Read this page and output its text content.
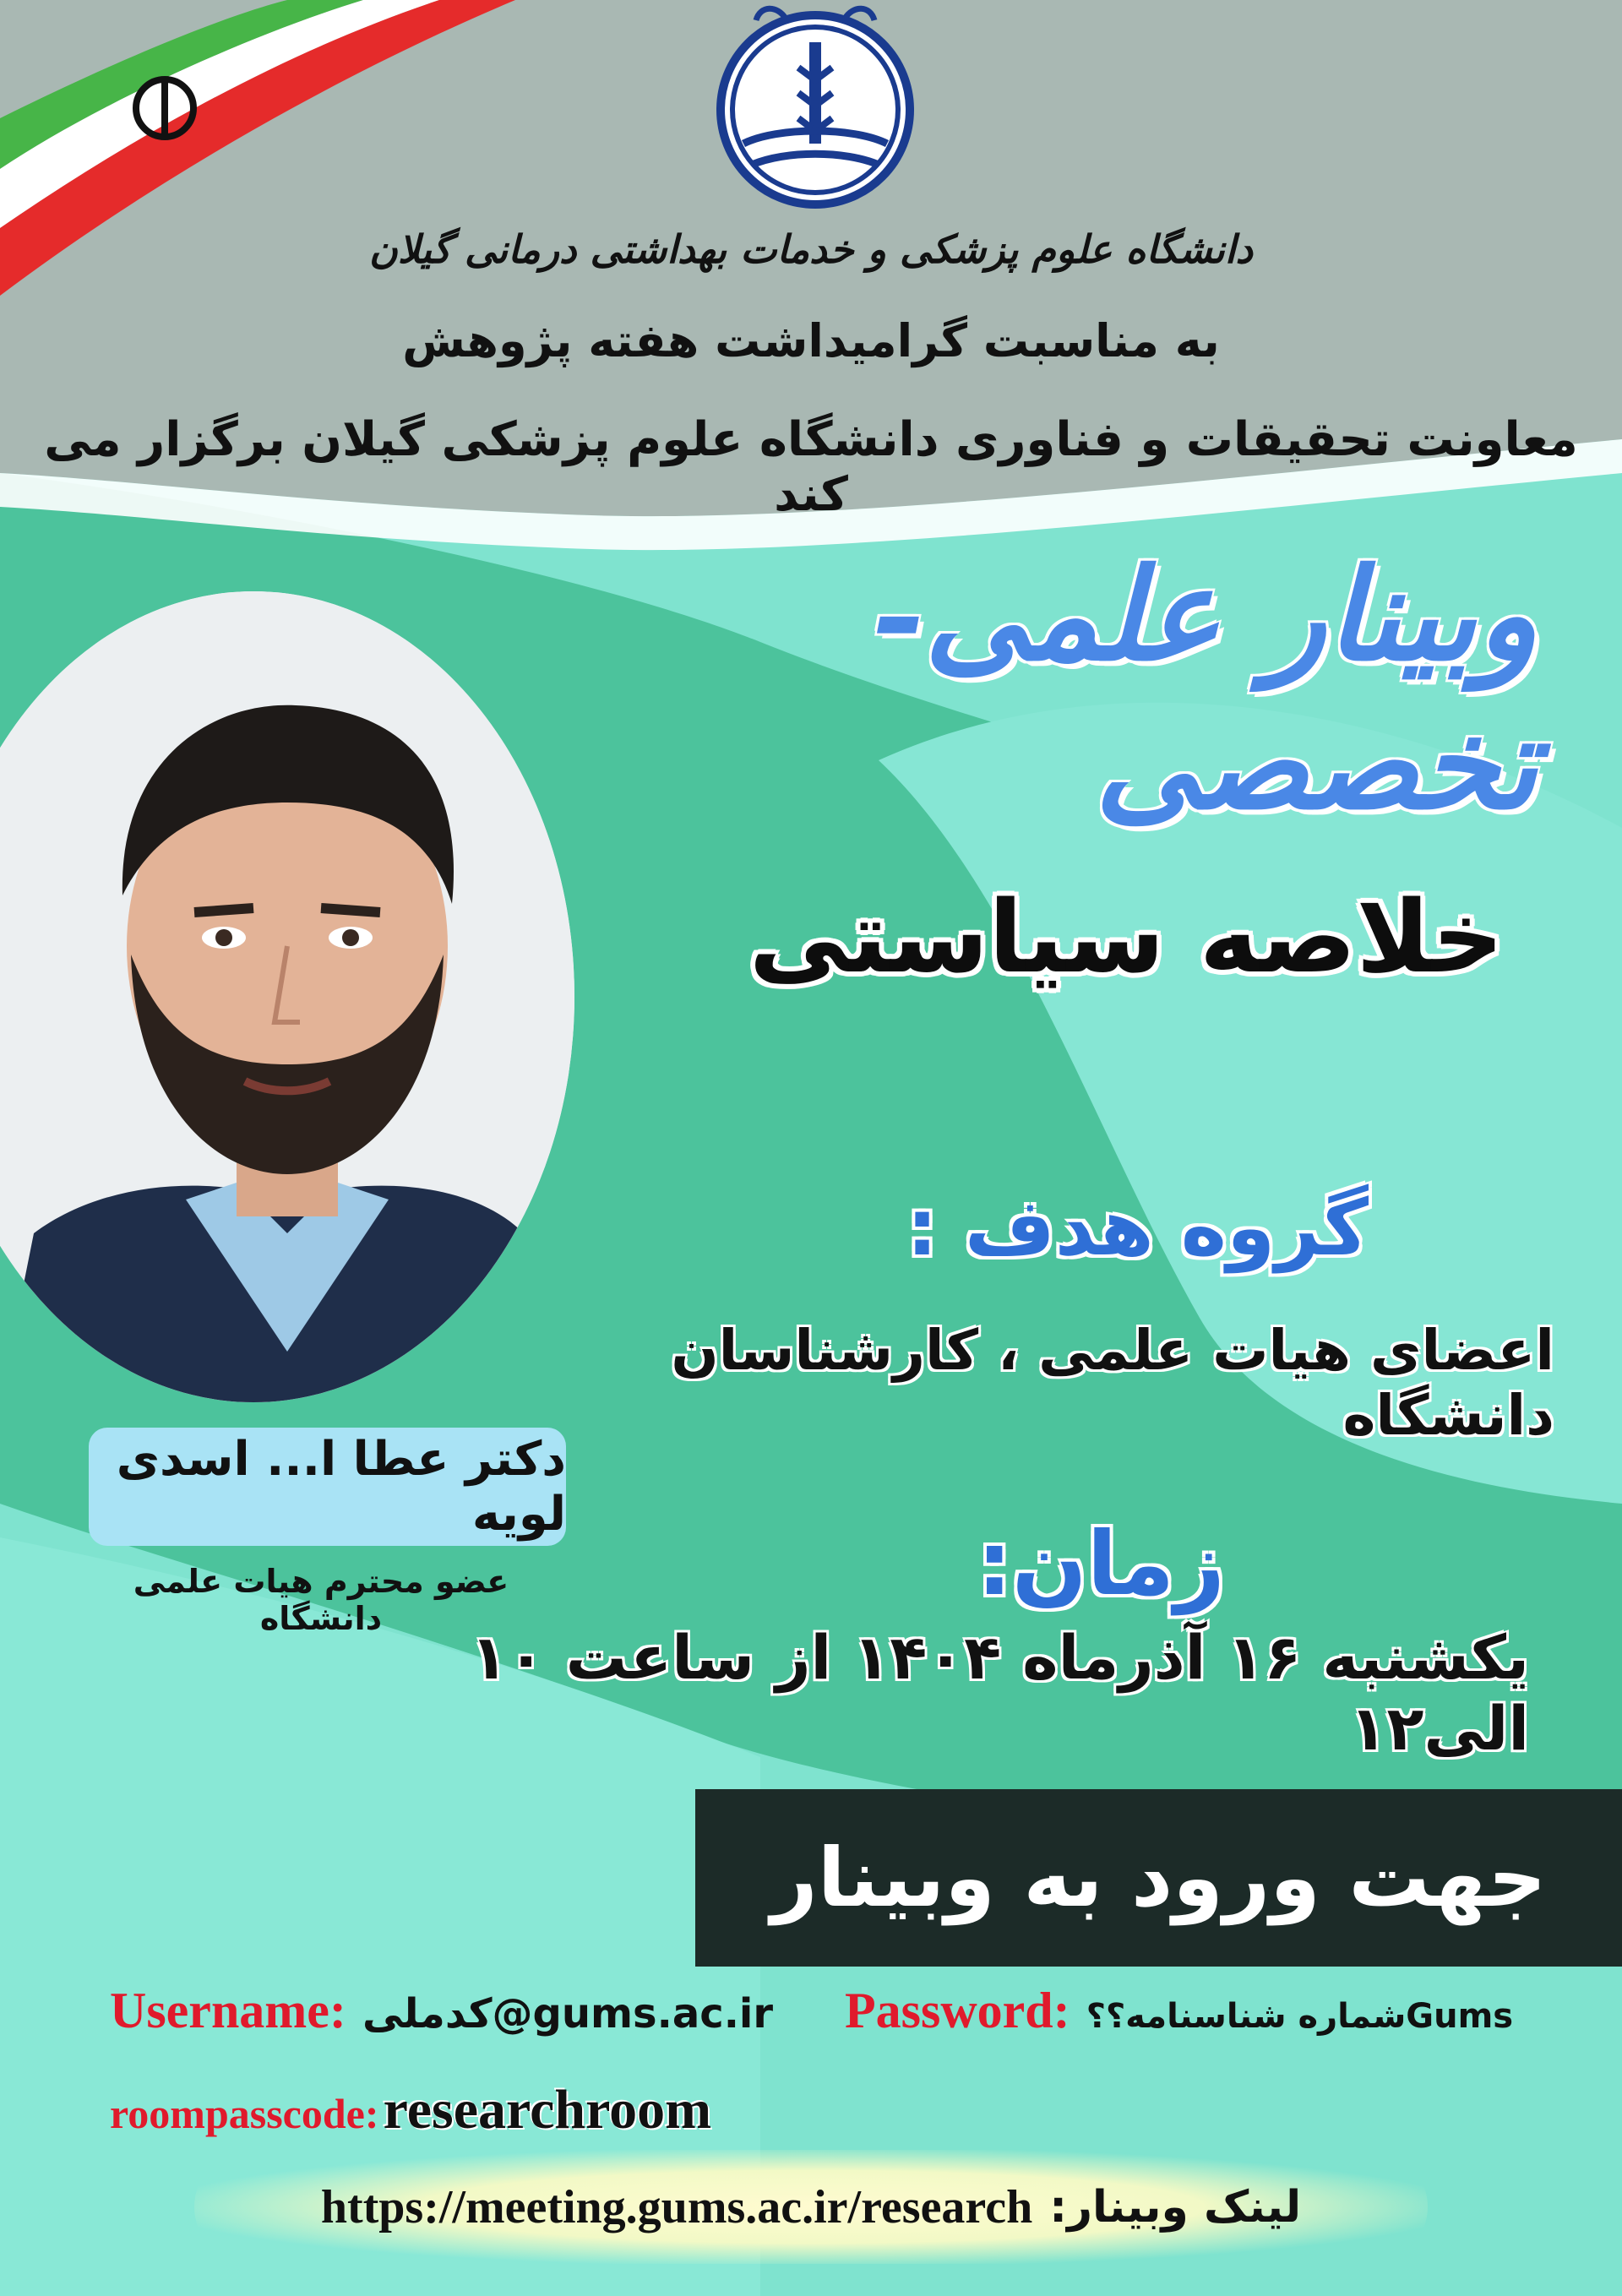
دانشگاه علوم پزشکی و خدمات بهداشتی درمانی گیلان
به مناسبت گرامیداشت هفته پژوهش
معاونت تحقیقات و فناوری دانشگاه علوم پزشکی گیلان برگزار می کند
وبینار علمی-تخصصی
خلاصه سیاستی
گروه هدف :
اعضای هیات علمی ، کارشناسان دانشگاه
زمان:
یکشنبه ۱۶ آذرماه ۱۴۰۴ از ساعت ۱۰ الی۱۲
دکتر عطا ا... اسدی لویه
عضو محترم هیات علمی دانشگاه
جهت ورود به وبینار
Username: کدملی@gums.ac.ir Password: شماره شناسنامه؟؟Gums
roompasscode: researchroom
https://meeting.gums.ac.ir/research لینک وبینار:
